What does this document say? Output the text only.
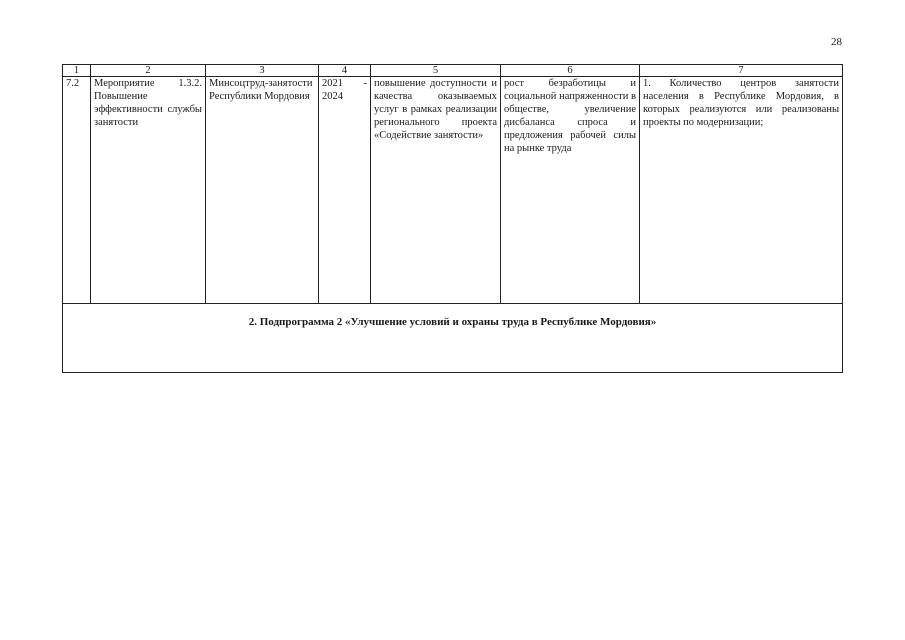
28
1	2	3	4	5	6	7
7.2	Мероприятие 1.3.2. Повышение эффективности службы занятости	Минсоцтруд-занятости Республики Мордовия	2021 - 2024	повышение доступности и качества оказываемых услуг в рамках реализации регионального проекта «Содействие занятости»	рост безработицы и социальной напряженности в обществе, увеличение дисбаланса спроса и предложения рабочей силы на рынке труда	1. Количество центров занятости населения в Республике Мордовия, в которых реализуются или реализованы проекты по модернизации;
2. Подпрограмма 2 «Улучшение условий и охраны труда в Республике Мордовия»						
